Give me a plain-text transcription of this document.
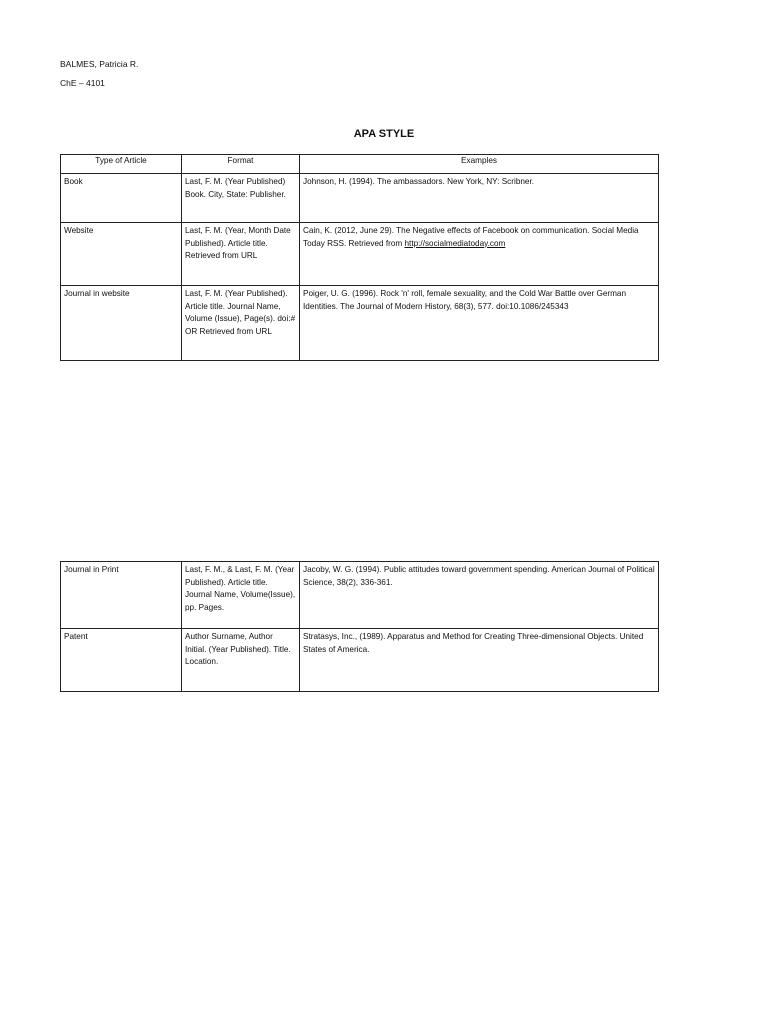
BALMES, Patricia R.
ChE – 4101
APA STYLE
Type of Article	Format	Examples
Book	Last, F. M. (Year Published) Book. City, State: Publisher.	Johnson, H. (1994). The ambassadors. New York, NY: Scribner.
Website	Last, F. M. (Year, Month Date Published). Article title. Retrieved from URL	Cain, K. (2012, June 29). The Negative effects of Facebook on communication. Social Media Today RSS. Retrieved from http://socialmediatoday.com
Journal in website	Last, F. M. (Year Published). Article title. Journal Name, Volume (Issue), Page(s). doi:# OR Retrieved from URL	Poiger, U. G. (1996). Rock 'n' roll, female sexuality, and the Cold War Battle over German Identities. The Journal of Modern History, 68(3), 577. doi:10.1086/245343
Journal in Print	Last, F. M., & Last, F. M. (Year Published). Article title. Journal Name, Volume(Issue), pp. Pages.	Jacoby, W. G. (1994). Public attitudes toward government spending. American Journal of Political Science, 38(2), 336-361.
Patent	Author Surname, Author Initial. (Year Published). Title. Location.	Stratasys, Inc., (1989). Apparatus and Method for Creating Three-dimensional Objects. United States of America.
